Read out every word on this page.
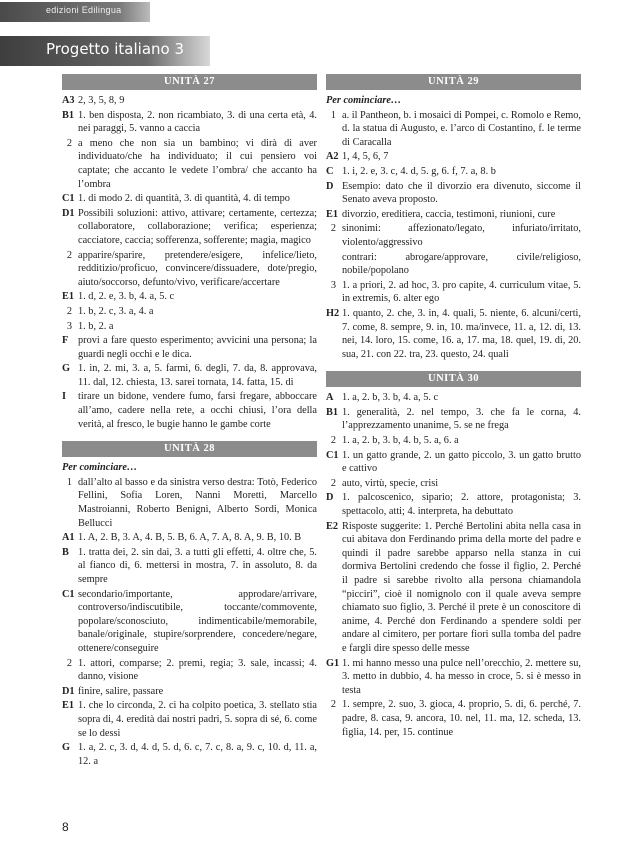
edizioni Edilingua
Progetto italiano 3
UNITÀ 27
A3 2, 3, 5, 8, 9
B1 1. ben disposta, 2. non ricambiato, 3. di una certa età, 4. nei paraggi, 5. vanno a caccia
2 a meno che non sia un bambino; vi dirà di aver individuato/che ha individuato; il cui pensiero voi captate; che accanto le vedete l’ombra/ che accanto ha l’ombra
C1 1. di modo 2. di quantità, 3. di quantità, 4. di tempo
D1 Possibili soluzioni: attivo, attivare; certamente, certezza; collaboratore, collaborazione; verifica; esperienza; cacciatore, caccia; sofferenza, sofferente; magia, magico
2 apparire/sparire, pretendere/esigere, infelice/lieto, redditizio/proficuo, convincere/dissuadere, dote/pregio, aiuto/soccorso, defunto/vivo, verificare/accertare
E1 1. d, 2. e, 3. b, 4. a, 5. c
2 1. b, 2. c, 3. a, 4. a
3 1. b, 2. a
F provi a fare questo esperimento; avvicini una persona; la guardi negli occhi e le dica.
G 1. in, 2. mi, 3. a, 5. farmi, 6. degli, 7. da, 8. approvava, 11. dal, 12. chiesta, 13. sarei tornata, 14. fatta, 15. di
I	tirare un bidone, vendere fumo, farsi fregare, abboccare all’amo, cadere nella rete, a occhi chiusi, l’ora della verità, al fresco, le bugie hanno le gambe corte
UNITÀ 28
Per cominciare…
1 dall’alto al basso e da sinistra verso destra: Totò, Federico Fellini, Sofia Loren, Nanni Moretti, Marcello Mastroianni, Roberto Benigni, Alberto Sordi, Monica Bellucci
A1 1. A, 2. B, 3. A, 4. B, 5. B, 6. A, 7. A, 8. A, 9. B, 10. B
B 1. tratta dei, 2. sin dai, 3. a tutti gli effetti, 4. oltre che, 5. al fianco di, 6. mettersi in mostra, 7. in assoluto, 8. da sempre
C1 secondario/importante, approdare/arrivare, controverso/indiscutibile, toccante/commovente, popolare/sconosciuto, indimenticabile/memorabile, banale/originale, stupire/sorprendere, concedere/negare, ottenere/conseguire
2 1. attori, comparse; 2. premi, regia; 3. sale, incassi; 4. danno, visione
D1 finire, salire, passare
E1 1. che lo circonda, 2. ci ha colpito poetica, 3. stellato stia sopra di, 4. eredità dai nostri padri, 5. sopra di sé, 6. come se lo dessi
G 1. a, 2. c, 3. d, 4. d, 5. d, 6. c, 7. c, 8. a, 9. c, 10. d, 11. a, 12. a
UNITÀ 29
Per cominciare…
1 a. il Pantheon, b. i mosaici di Pompei, c. Romolo e Remo, d. la statua di Augusto, e. l’arco di Costantino, f. le terme di Caracalla
A2 1, 4, 5, 6, 7
C 1. i, 2. e, 3. c, 4. d, 5. g, 6. f, 7. a, 8. b
D Esempio: dato che il divorzio era divenuto, siccome il Senato aveva proposto.
E1 divorzio, ereditiera, caccia, testimoni, riunioni, cure
2 sinonimi: affezionato/legato, infuriato/irritato, violento/aggressivo
contrari: abrogare/approvare, civile/religioso, nobile/popolano
3 1. a priori, 2. ad hoc, 3. pro capite, 4. curriculum vitae, 5. in extremis, 6. alter ego
H2 1. quanto, 2. che, 3. in, 4. quali, 5. niente, 6. alcuni/certi, 7. come, 8. sempre, 9. in, 10. ma/invece, 11. a, 12. di, 13. nei, 14. loro, 15. come, 16. a, 17. ma, 18. quel, 19. di, 20. sua, 21. con 22. tra, 23. questo, 24. quali
UNITÀ 30
A 1. a, 2. b, 3. b, 4. a, 5. c
B1 1. generalità, 2. nel tempo, 3. che fa le corna, 4. l’apprezzamento unanime, 5. se ne frega
2 1. a, 2. b, 3. b, 4. b, 5. a, 6. a
C1 1. un gatto grande, 2. un gatto piccolo, 3. un gatto brutto e cattivo
2 auto, virtù, specie, crisi
D 1. palcoscenico, sipario; 2. attore, protagonista; 3. spettacolo, atti; 4. interpreta, ha debuttato
E2 Risposte suggerite: 1. Perché Bertolini abita nella casa in cui abitava don Ferdinando prima della morte del padre e quindi il padre sarebbe apparso nella stanza in cui dormiva Bertolini credendo che fosse il figlio, 2. Perché il padre si sarebbe rivolto alla persona chiamandola “picciri”, cioè il nomignolo con il quale aveva sempre chiamato suo figlio, 3. Perché il prete è un conoscitore di anime, 4. Perché don Ferdinando a spendere soldi per andare al cimitero, per portare fiori sulla tomba del padre e fargli dire spesso delle messe
G1 1. mi hanno messo una pulce nell’orecchio, 2. mettere su, 3. metto in dubbio, 4. ha messo in croce, 5. si è messo in testa
2 1. sempre, 2. suo, 3. gioca, 4. proprio, 5. di, 6. perché, 7. padre, 8. casa, 9. ancora, 10. nel, 11. ma, 12. scheda, 13. figlia, 14. per, 15. continue
8
